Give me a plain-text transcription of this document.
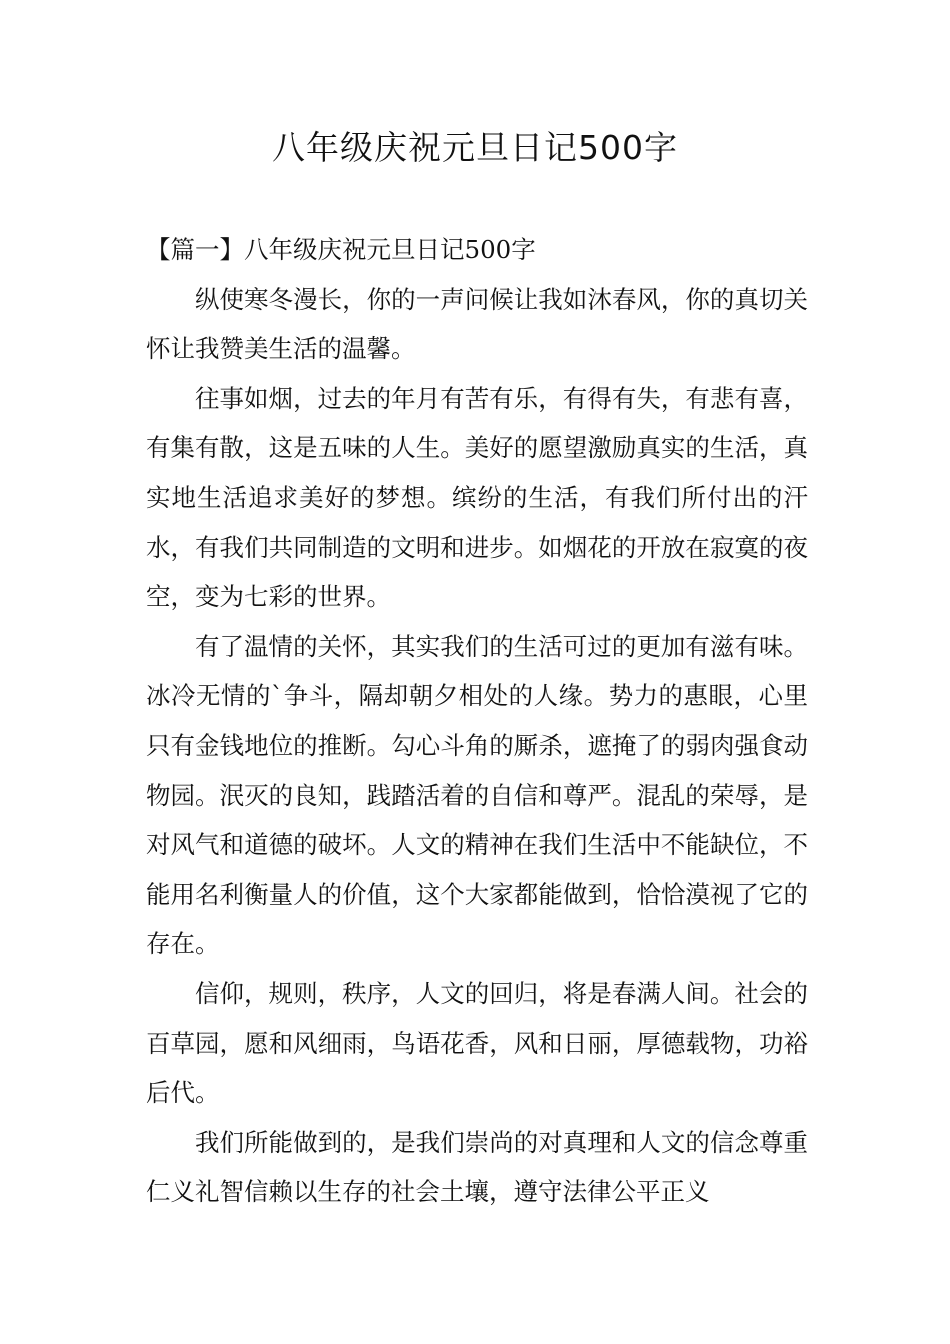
八年级庆祝元旦日记500字

【篇一】八年级庆祝元旦日记500字

纵使寒冬漫长，你的一声问候让我如沐春风，你的真切关怀让我赞美生活的温馨。

往事如烟，过去的年月有苦有乐，有得有失，有悲有喜，有集有散，这是五味的人生。美好的愿望激励真实的生活，真实地生活追求美好的梦想。缤纷的生活，有我们所付出的汗水，有我们共同制造的文明和进步。如烟花的开放在寂寞的夜空，变为七彩的世界。

有了温情的关怀，其实我们的生活可过的更加有滋有味。冰冷无情的`争斗，隔却朝夕相处的人缘。势力的惠眼，心里只有金钱地位的推断。勾心斗角的厮杀，遮掩了的弱肉强食动物园。泯灭的良知，践踏活着的自信和尊严。混乱的荣辱，是对风气和道德的破坏。人文的精神在我们生活中不能缺位，不能用名利衡量人的价值，这个大家都能做到，恰恰漠视了它的存在。

信仰，规则，秩序，人文的回归，将是春满人间。社会的百草园，愿和风细雨，鸟语花香，风和日丽，厚德载物，功裕后代。

我们所能做到的，是我们崇尚的对真理和人文的信念尊重仁义礼智信赖以生存的社会土壤，遵守法律公平正义
